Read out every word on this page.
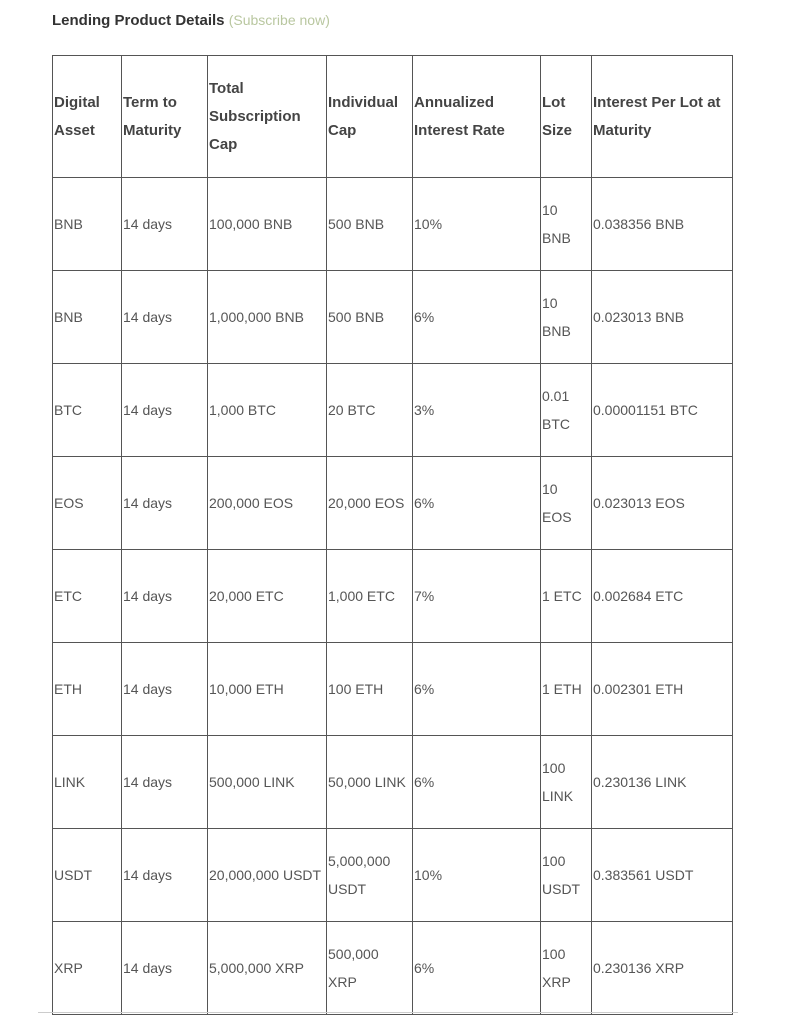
Lending Product Details (Subscribe now)
Digital Asset	Term to Maturity	Total Subscription Cap	Individual Cap	Annualized Interest Rate	Lot Size	Interest Per Lot at Maturity
BNB	14 days	100,000 BNB	500 BNB	10%	10 BNB	0.038356 BNB
BNB	14 days	1,000,000 BNB	500 BNB	6%	10 BNB	0.023013 BNB
BTC	14 days	1,000 BTC	20 BTC	3%	0.01 BTC	0.00001151 BTC
EOS	14 days	200,000 EOS	20,000 EOS	6%	10 EOS	0.023013 EOS
ETC	14 days	20,000 ETC	1,000 ETC	7%	1 ETC	0.002684 ETC
ETH	14 days	10,000 ETH	100 ETH	6%	1 ETH	0.002301 ETH
LINK	14 days	500,000 LINK	50,000 LINK	6%	100 LINK	0.230136 LINK
USDT	14 days	20,000,000 USDT	5,000,000 USDT	10%	100 USDT	0.383561 USDT
XRP	14 days	5,000,000 XRP	500,000 XRP	6%	100 XRP	0.230136 XRP
